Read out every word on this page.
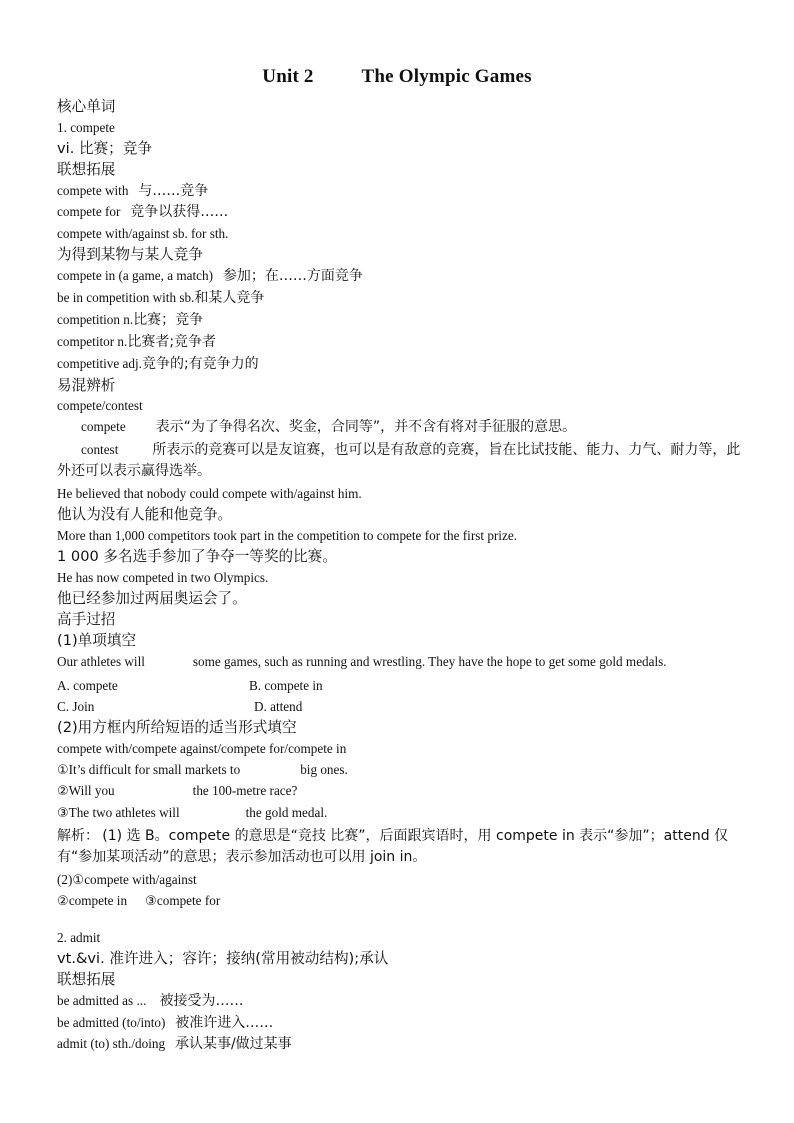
Unit 2	The Olympic Games
核心单词
1. compete
vi. 比赛；竞争
联想拓展
compete with 与……竞争
compete for 竞争以获得……
compete with/against sb. for sth.
为得到某物与某人竞争
compete in (a game, a match) 参加；在……方面竞争
be in competition with sb.和某人竞争
competition n.比赛；竞争
competitor n.比赛者;竞争者
competitive adj.竞争的;有竞争力的
易混辨析
compete/contest
compete 表示“为了争得名次、奖金，合同等”，并不含有将对手征服的意思。
contest 所表示的竞赛可以是友谊赛，也可以是有敌意的竞赛，旨在比试技能、能力、力气、耐力等，此外还可以表示赢得选举。
He believed that nobody could compete with/against him.
他认为没有人能和他竞争。
More than 1,000 competitors took part in the competition to compete for the first prize.
1 000 多名选手参加了争夺一等奖的比赛。
He has now competed in two Olympics.
他已经参加过两届奥运会了。
高手过招
(1)单项填空
Our athletes will	some games, such as running and wrestling. They have the hope to get some gold medals.
A. compete	B. compete in
C. Join	D. attend
(2)用方框内所给短语的适当形式填空
compete with/compete against/compete for/compete in
①It’s difficult for small markets to	big ones.
②Will you	the 100-metre race?
③The two athletes will	the gold medal.
解析： (1) 选 B。compete 的意思是“竞技 比赛”，后面跟宾语时，用 compete in 表示“参加”；attend 仅有“参加某项活动”的意思；表示参加活动也可以用 join in。
(2)①compete with/against
②compete in ③compete for
2. admit
vt.&vi. 准许进入；容许；接纳(常用被动结构);承认
联想拓展
be admitted as ... 被接受为……
be admitted (to/into) 被准许进入……
admit (to) sth./doing 承认某事/做过某事
